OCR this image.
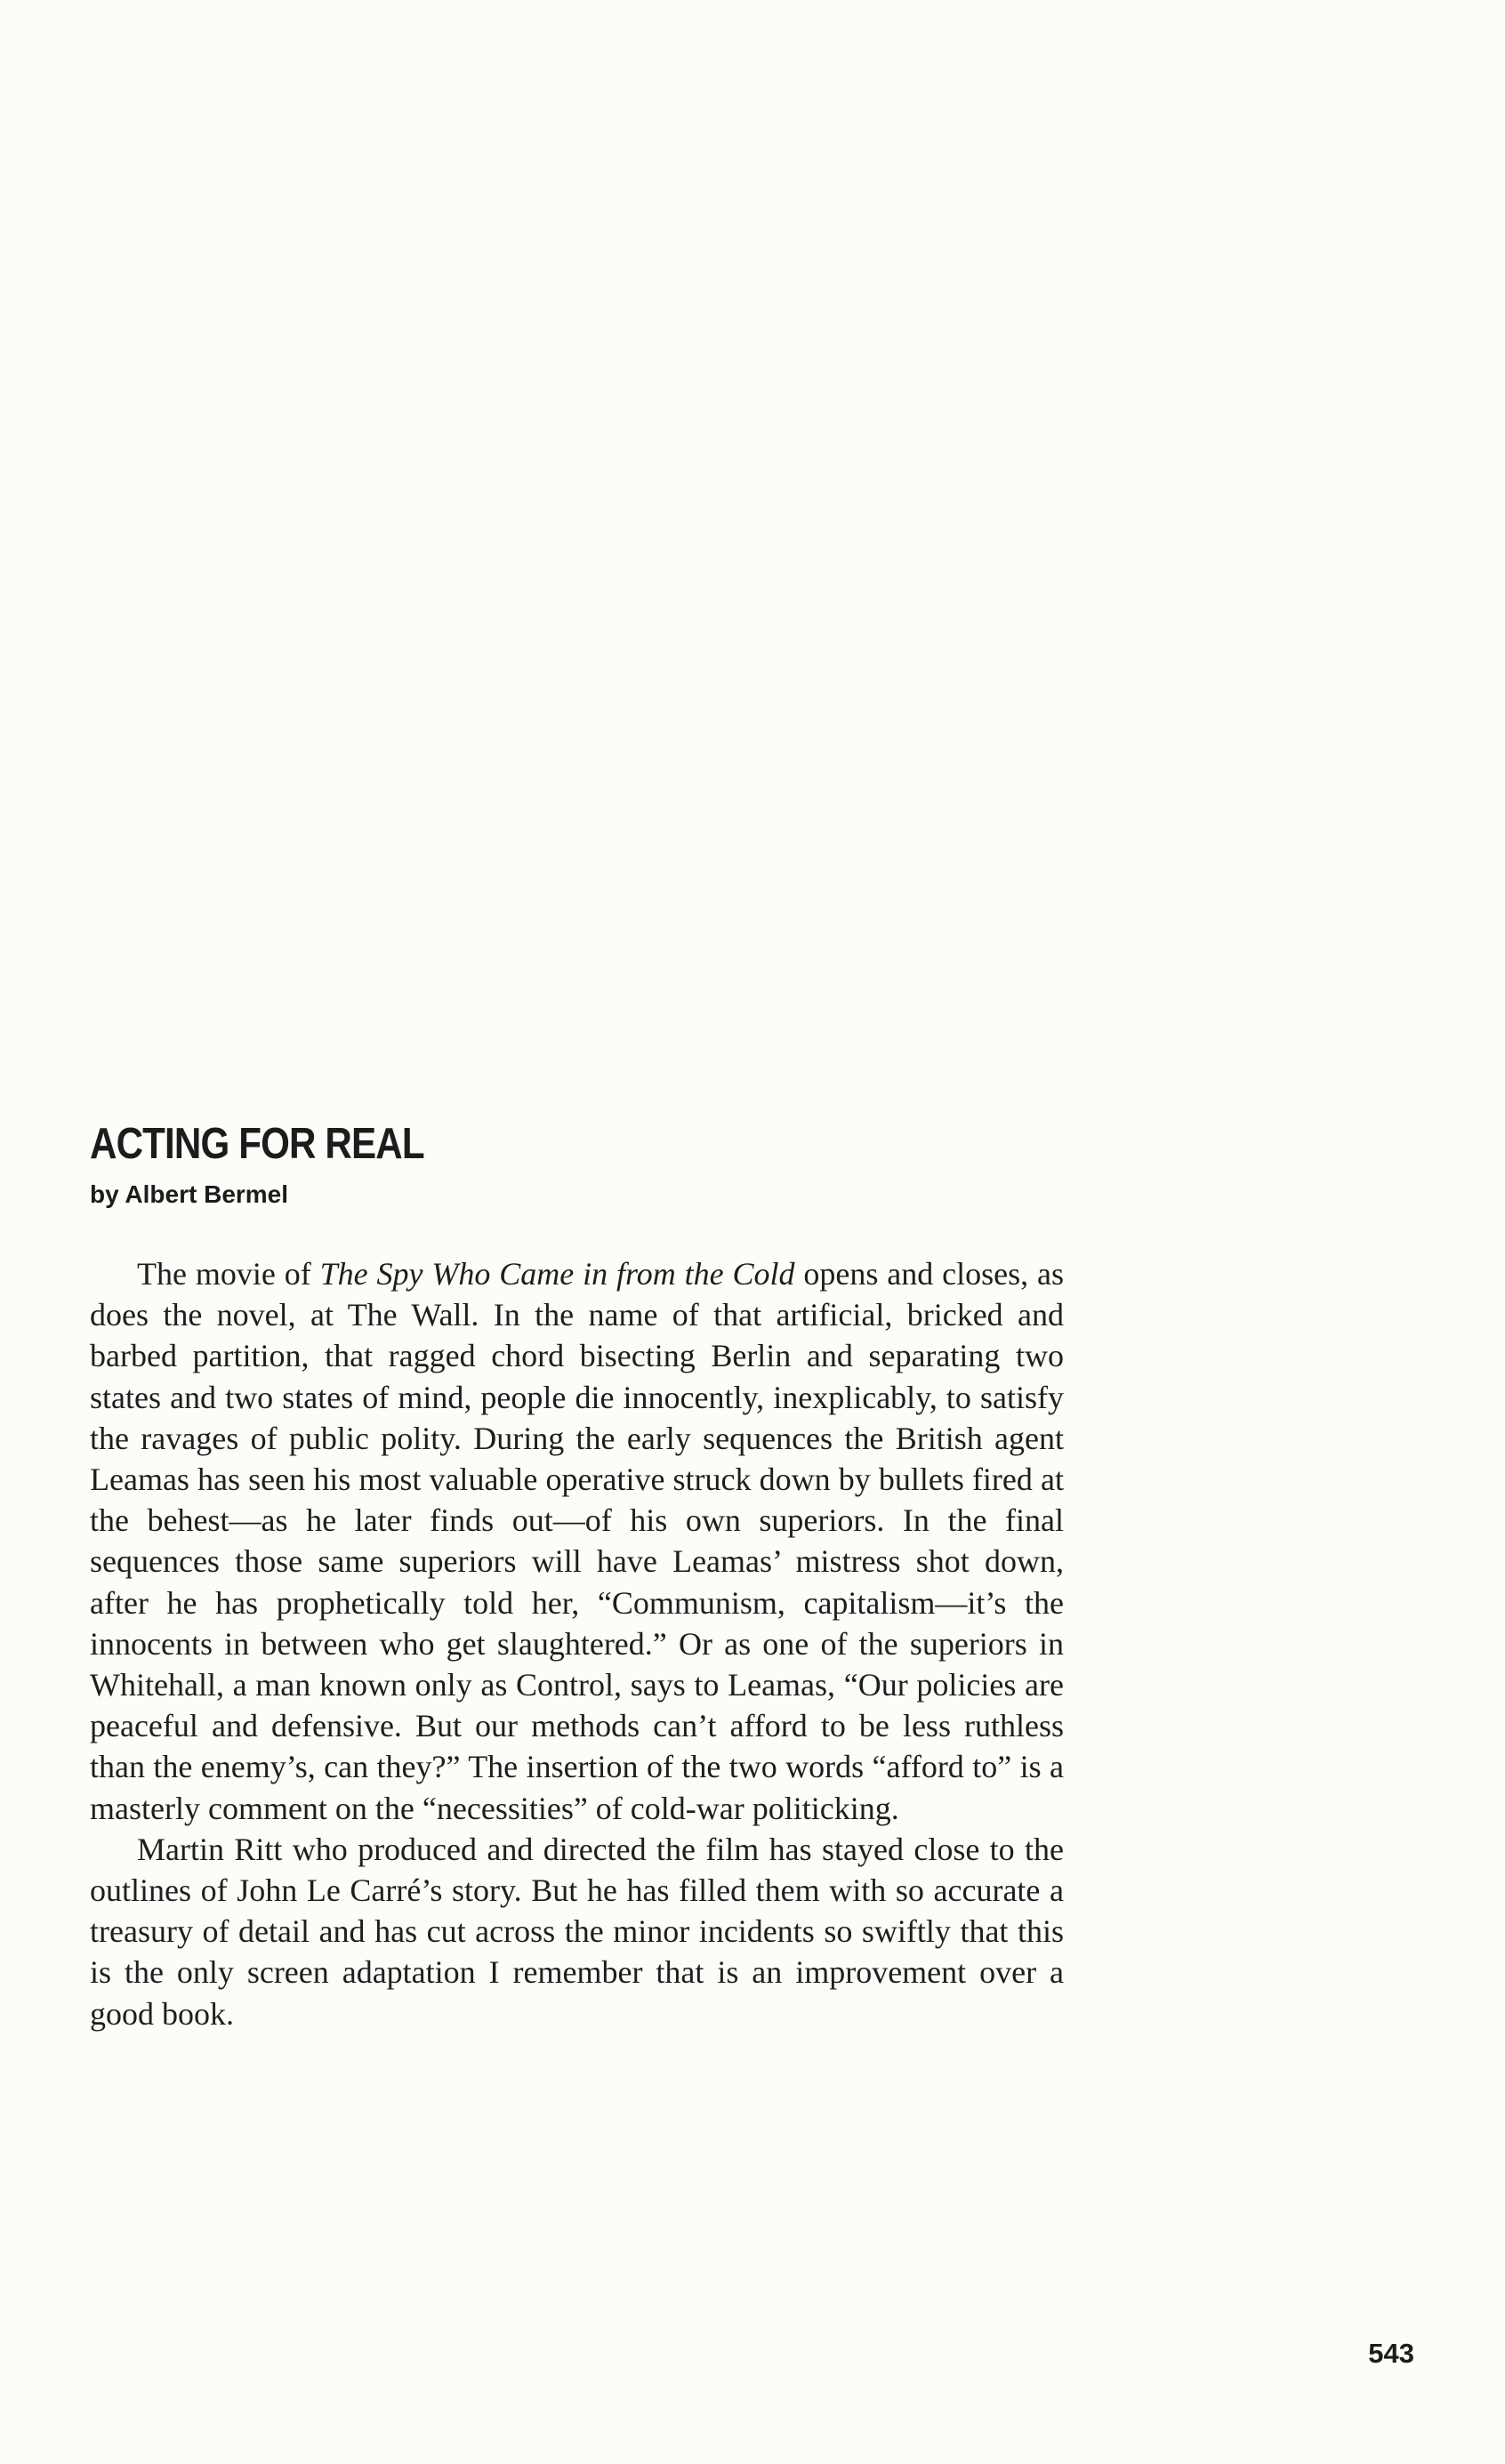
ACTING FOR REAL
by Albert Bermel

The movie of The Spy Who Came in from the Cold opens and closes, as does the novel, at The Wall. In the name of that artificial, bricked and barbed partition, that ragged chord bisecting Berlin and separating two states and two states of mind, people die innocently, inexplicably, to satisfy the ravages of public polity. During the early sequences the British agent Leamas has seen his most valuable operative struck down by bullets fired at the behest—as he later finds out—of his own superiors. In the final sequences those same superiors will have Leamas’ mistress shot down, after he has prophetically told her, “Communism, capitalism—it’s the innocents in between who get slaughtered.” Or as one of the superiors in Whitehall, a man known only as Control, says to Leamas, “Our policies are peaceful and defensive. But our methods can’t afford to be less ruthless than the enemy’s, can they?” The insertion of the two words “afford to” is a masterly comment on the “necessities” of cold-war politicking.

Martin Ritt who produced and directed the film has stayed close to the outlines of John Le Carré’s story. But he has filled them with so accurate a treasury of detail and has cut across the minor incidents so swiftly that this is the only screen adaptation I remember that is an improvement over a good book.

543
